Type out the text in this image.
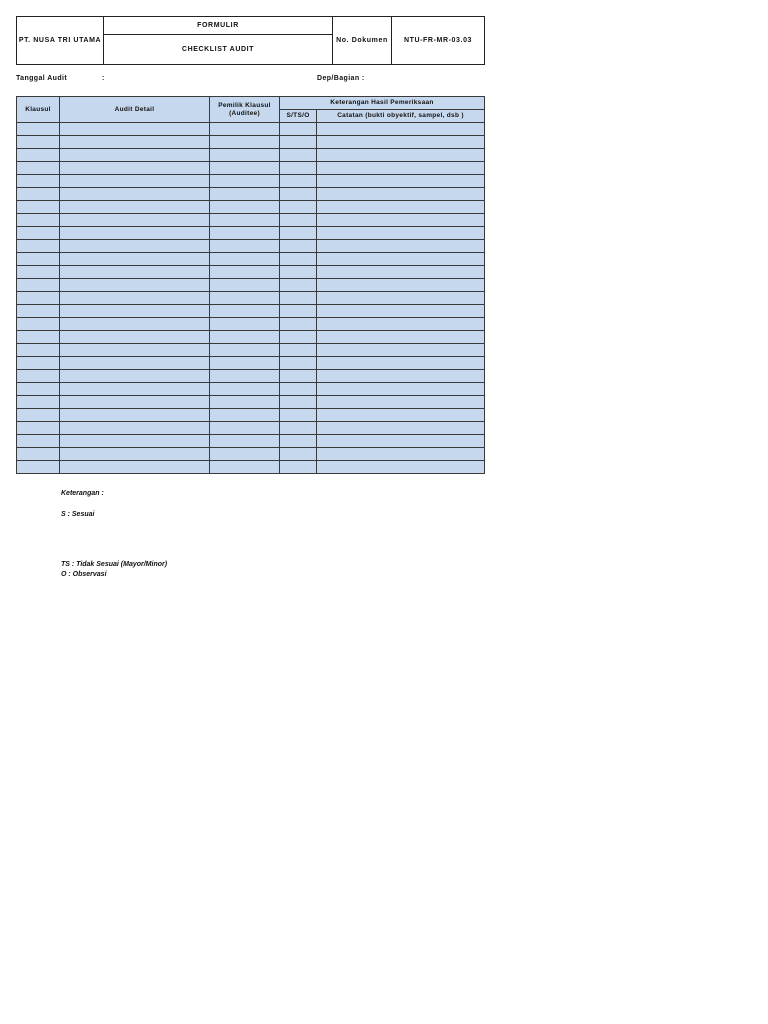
PT. NUSA TRI UTAMA	FORMULIR	No. Dokumen	NTU-FR-MR-03.03
CHECKLIST AUDIT
Tanggal Audit	:	Dep/Bagian :
Klausul	Audit Detail	Pemilik Klausul (Auditee)	Keterangan Hasil Pemeriksaan	
			S/TS/O	Catatan (bukti obyektif, sampel, dsb )

Keterangan :
S : Sesuai
TS : Tidak Sesuai (Mayor/Minor)
O : Observasi
